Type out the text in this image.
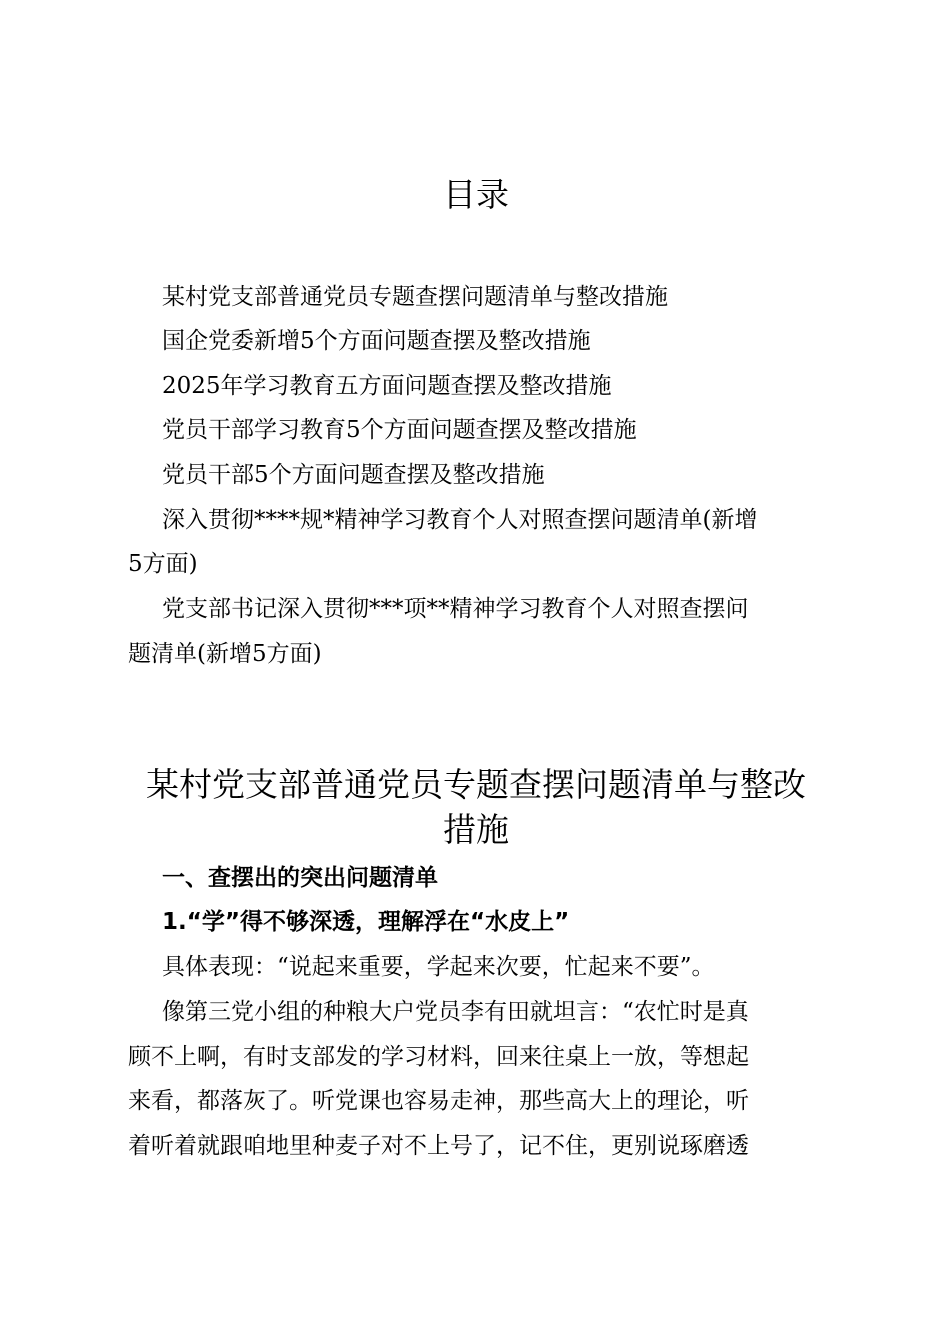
目录
某村党支部普通党员专题查摆问题清单与整改措施
国企党委新增5个方面问题查摆及整改措施
2025年学习教育五方面问题查摆及整改措施
党员干部学习教育5个方面问题查摆及整改措施
党员干部5个方面问题查摆及整改措施
深入贯彻****规*精神学习教育个人对照查摆问题清单(新增
5方面)
党支部书记深入贯彻***项**精神学习教育个人对照查摆问
题清单(新增5方面)
某村党支部普通党员专题查摆问题清单与整改
措施
一、查摆出的突出问题清单
1.“学”得不够深透，理解浮在“水皮上”
具体表现：“说起来重要，学起来次要，忙起来不要”。
像第三党小组的种粮大户党员李有田就坦言：“农忙时是真
顾不上啊，有时支部发的学习材料，回来往桌上一放，等想起
来看，都落灰了。听党课也容易走神，那些高大上的理论，听
着听着就跟咱地里种麦子对不上号了，记不住，更别说琢磨透
